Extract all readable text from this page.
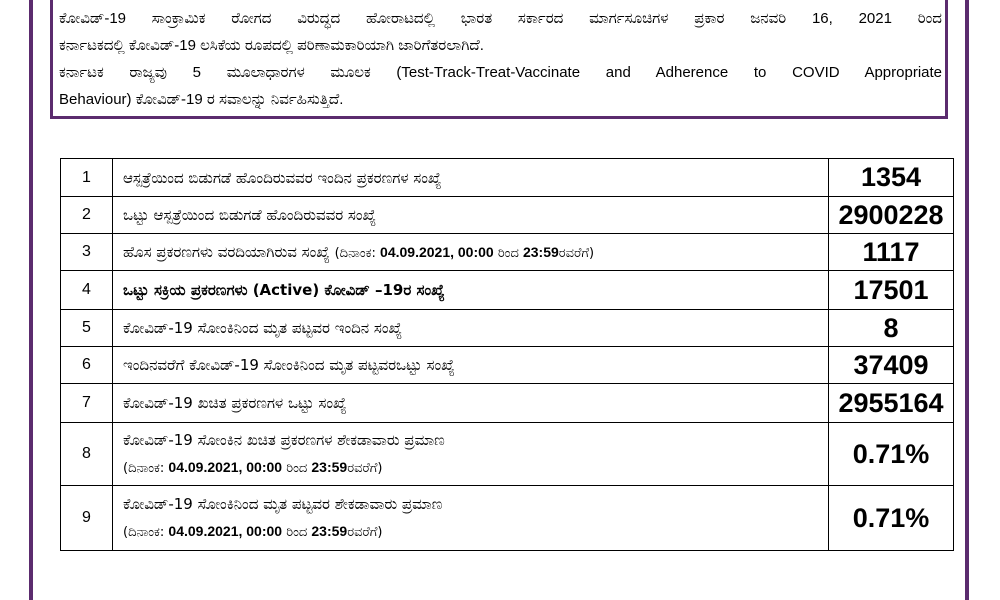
ಕೋವಿಡ್-19 ಸಾಂಕ್ರಾಮಿಕ ರೋಗದ ವಿರುದ್ಧದ ಹೋರಾಟದಲ್ಲಿ ಭಾರತ ಸರ್ಕಾರದ ಮಾರ್ಗಸೂಚಿಗಳ ಪ್ರಕಾರ ಜನವರಿ 16, 2021 ರಿಂದ
ಕರ್ನಾಟಕದಲ್ಲಿ ಕೋವಿಡ್-19 ಲಸಿಕೆಯ ರೂಪದಲ್ಲಿ ಪರಿಣಾಮಕಾರಿಯಾಗಿ ಜಾರಿಗೆತರಲಾಗಿದೆ.
ಕರ್ನಾಟಕ ರಾಜ್ಯವು 5 ಮೂಲಾಧಾರಗಳ ಮೂಲಕ (Test-Track-Treat-Vaccinate and Adherence to COVID Appropriate
Behaviour) ಕೋವಿಡ್-19 ರ ಸವಾಲನ್ನು ನಿರ್ವಹಿಸುತ್ತಿದೆ.
1	ಆಸ್ಪತ್ರೆಯಿಂದ ಬಿಡುಗಡೆ ಹೊಂದಿರುವವರ ಇಂದಿನ ಪ್ರಕರಣಗಳ ಸಂಖ್ಯೆ	1354
2	ಒಟ್ಟು ಆಸ್ಪತ್ರೆಯಿಂದ ಬಿಡುಗಡೆ ಹೊಂದಿರುವವರ ಸಂಖ್ಯೆ	2900228
3	ಹೊಸ ಪ್ರಕರಣಗಳು ವರದಿಯಾಗಿರುವ ಸಂಖ್ಯೆ (ದಿನಾಂಕ: 04.09.2021, 00:00 ರಿಂದ 23:59ರವರೆಗೆ)	1117
4	ಒಟ್ಟು ಸಕ್ರಿಯ ಪ್ರಕರಣಗಳು (Active) ಕೋವಿಡ್ –19ರ ಸಂಖ್ಯೆ	17501
5	ಕೋವಿಡ್-19 ಸೋಂಕಿನಿಂದ ಮೃತ ಪಟ್ಟವರ ಇಂದಿನ ಸಂಖ್ಯೆ	8
6	ಇಂದಿನವರೆಗೆ ಕೋವಿಡ್-19 ಸೋಂಕಿನಿಂದ ಮೃತ ಪಟ್ಟವರಒಟ್ಟು ಸಂಖ್ಯೆ	37409
7	ಕೋವಿಡ್-19 ಖಚಿತ ಪ್ರಕರಣಗಳ ಒಟ್ಟು ಸಂಖ್ಯೆ	2955164
8	ಕೋವಿಡ್-19 ಸೋಂಕಿನ ಖಚಿತ ಪ್ರಕರಣಗಳ ಶೇಕಡಾವಾರು ಪ್ರಮಾಣ
(ದಿನಾಂಕ: 04.09.2021, 00:00 ರಿಂದ 23:59ರವರೆಗೆ)	0.71%
9	ಕೋವಿಡ್-19 ಸೋಂಕಿನಿಂದ ಮೃತ ಪಟ್ಟವರ ಶೇಕಡಾವಾರು ಪ್ರಮಾಣ
(ದಿನಾಂಕ: 04.09.2021, 00:00 ರಿಂದ 23:59ರವರೆಗೆ)	0.71%
